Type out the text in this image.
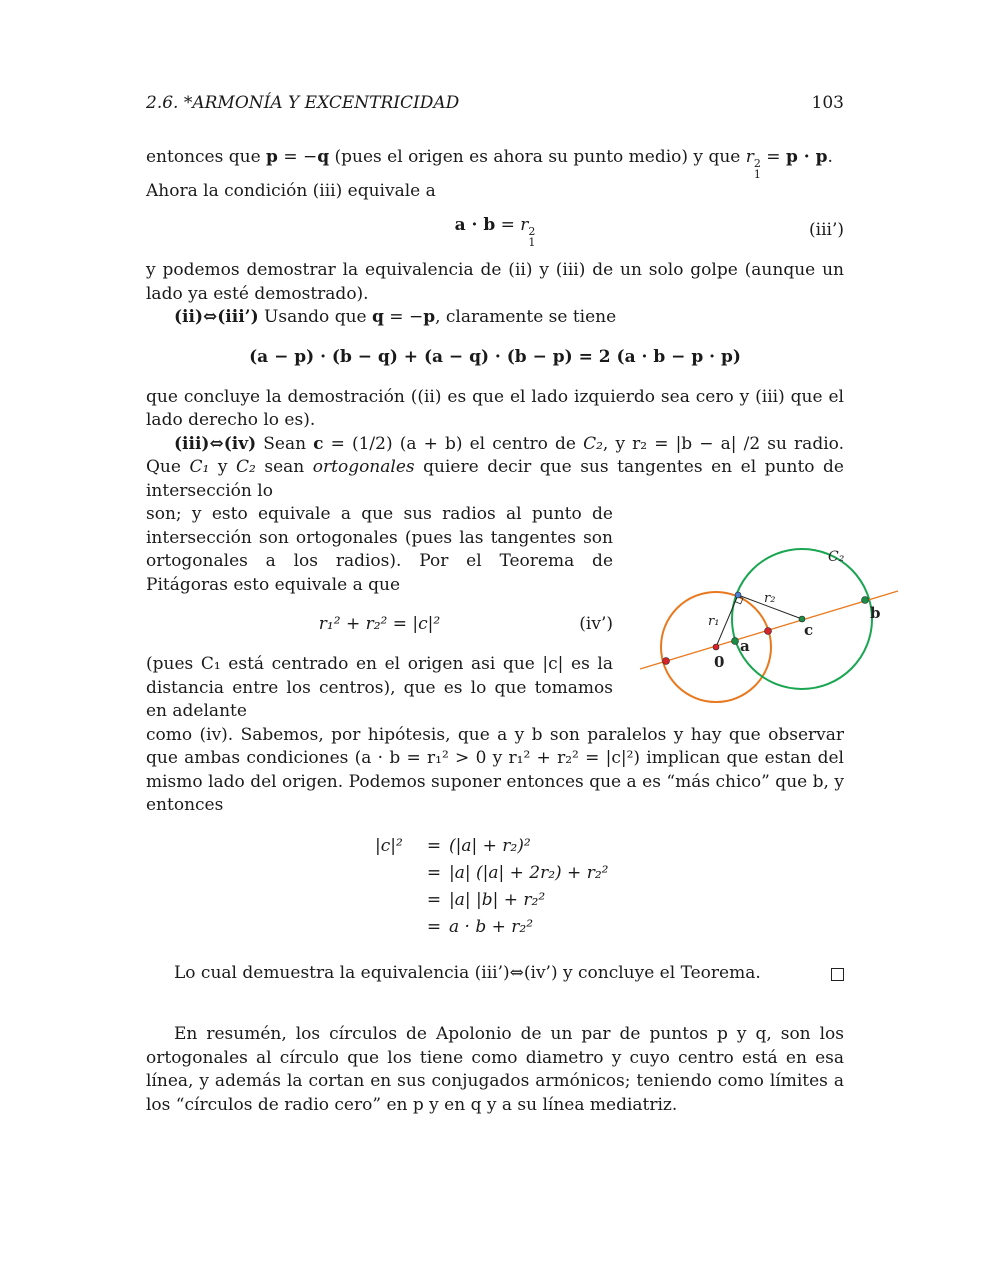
2.6. *ARMONÍA Y EXCENTRICIDAD	103

entonces que p = −q (pues el origen es ahora su punto medio) y que r 2
1
= p · p.
Ahora la condición (iii) equivale a

a · b = r 2
1
(iii’)

y podemos demostrar la equivalencia de (ii) y (iii) de un solo golpe (aunque un lado ya esté demostrado).

(ii)⇔(iii’) Usando que q = −p, claramente se tiene

(a − p) · (b − q) + (a − q) · (b − p) = 2 (a · b − p · p)

que concluye la demostración ((ii) es que el lado izquierdo sea cero y (iii) que el lado derecho lo es).

(iii)⇔(iv) Sean c = (1/2) (a + b) el centro de C₂, y r₂ = |b − a| /2 su radio. Que C₁ y C₂ sean ortogonales quiere decir que sus tangentes en el punto de intersección lo

son; y esto equivale a que sus radios al punto de intersección son ortogonales (pues las tangentes son ortogonales a los radios). Por el Teorema de Pitágoras esto equivale a que

r₁² + r₂² = |c|²	(iv’)

(pues C₁ está centrado en el origen asi que |c| es la distancia entre los centros), que es lo que tomamos en adelante

C₂
r₂
r₁
0
a
c
b

como (iv). Sabemos, por hipótesis, que a y b son paralelos y hay que observar que ambas condiciones (a · b = r₁² > 0 y r₁² + r₂² = |c|²) implican que estan del mismo lado del origen. Podemos suponer entonces que a es “más chico” que b, y entonces

|c|²	= (|a| + r₂)²
= |a| (|a| + 2r₂) + r₂²
= |a| |b| + r₂²
= a · b + r₂²
Lo cual demuestra la equivalencia (iii’)⇔(iv’) y concluye el Teorema.

En resumén, los círculos de Apolonio de un par de puntos p y q, son los ortogonales al círculo que los tiene como diametro y cuyo centro está en esa línea, y además la cortan en sus conjugados armónicos; teniendo como límites a los “círculos de radio cero” en p y en q y a su línea mediatriz.
